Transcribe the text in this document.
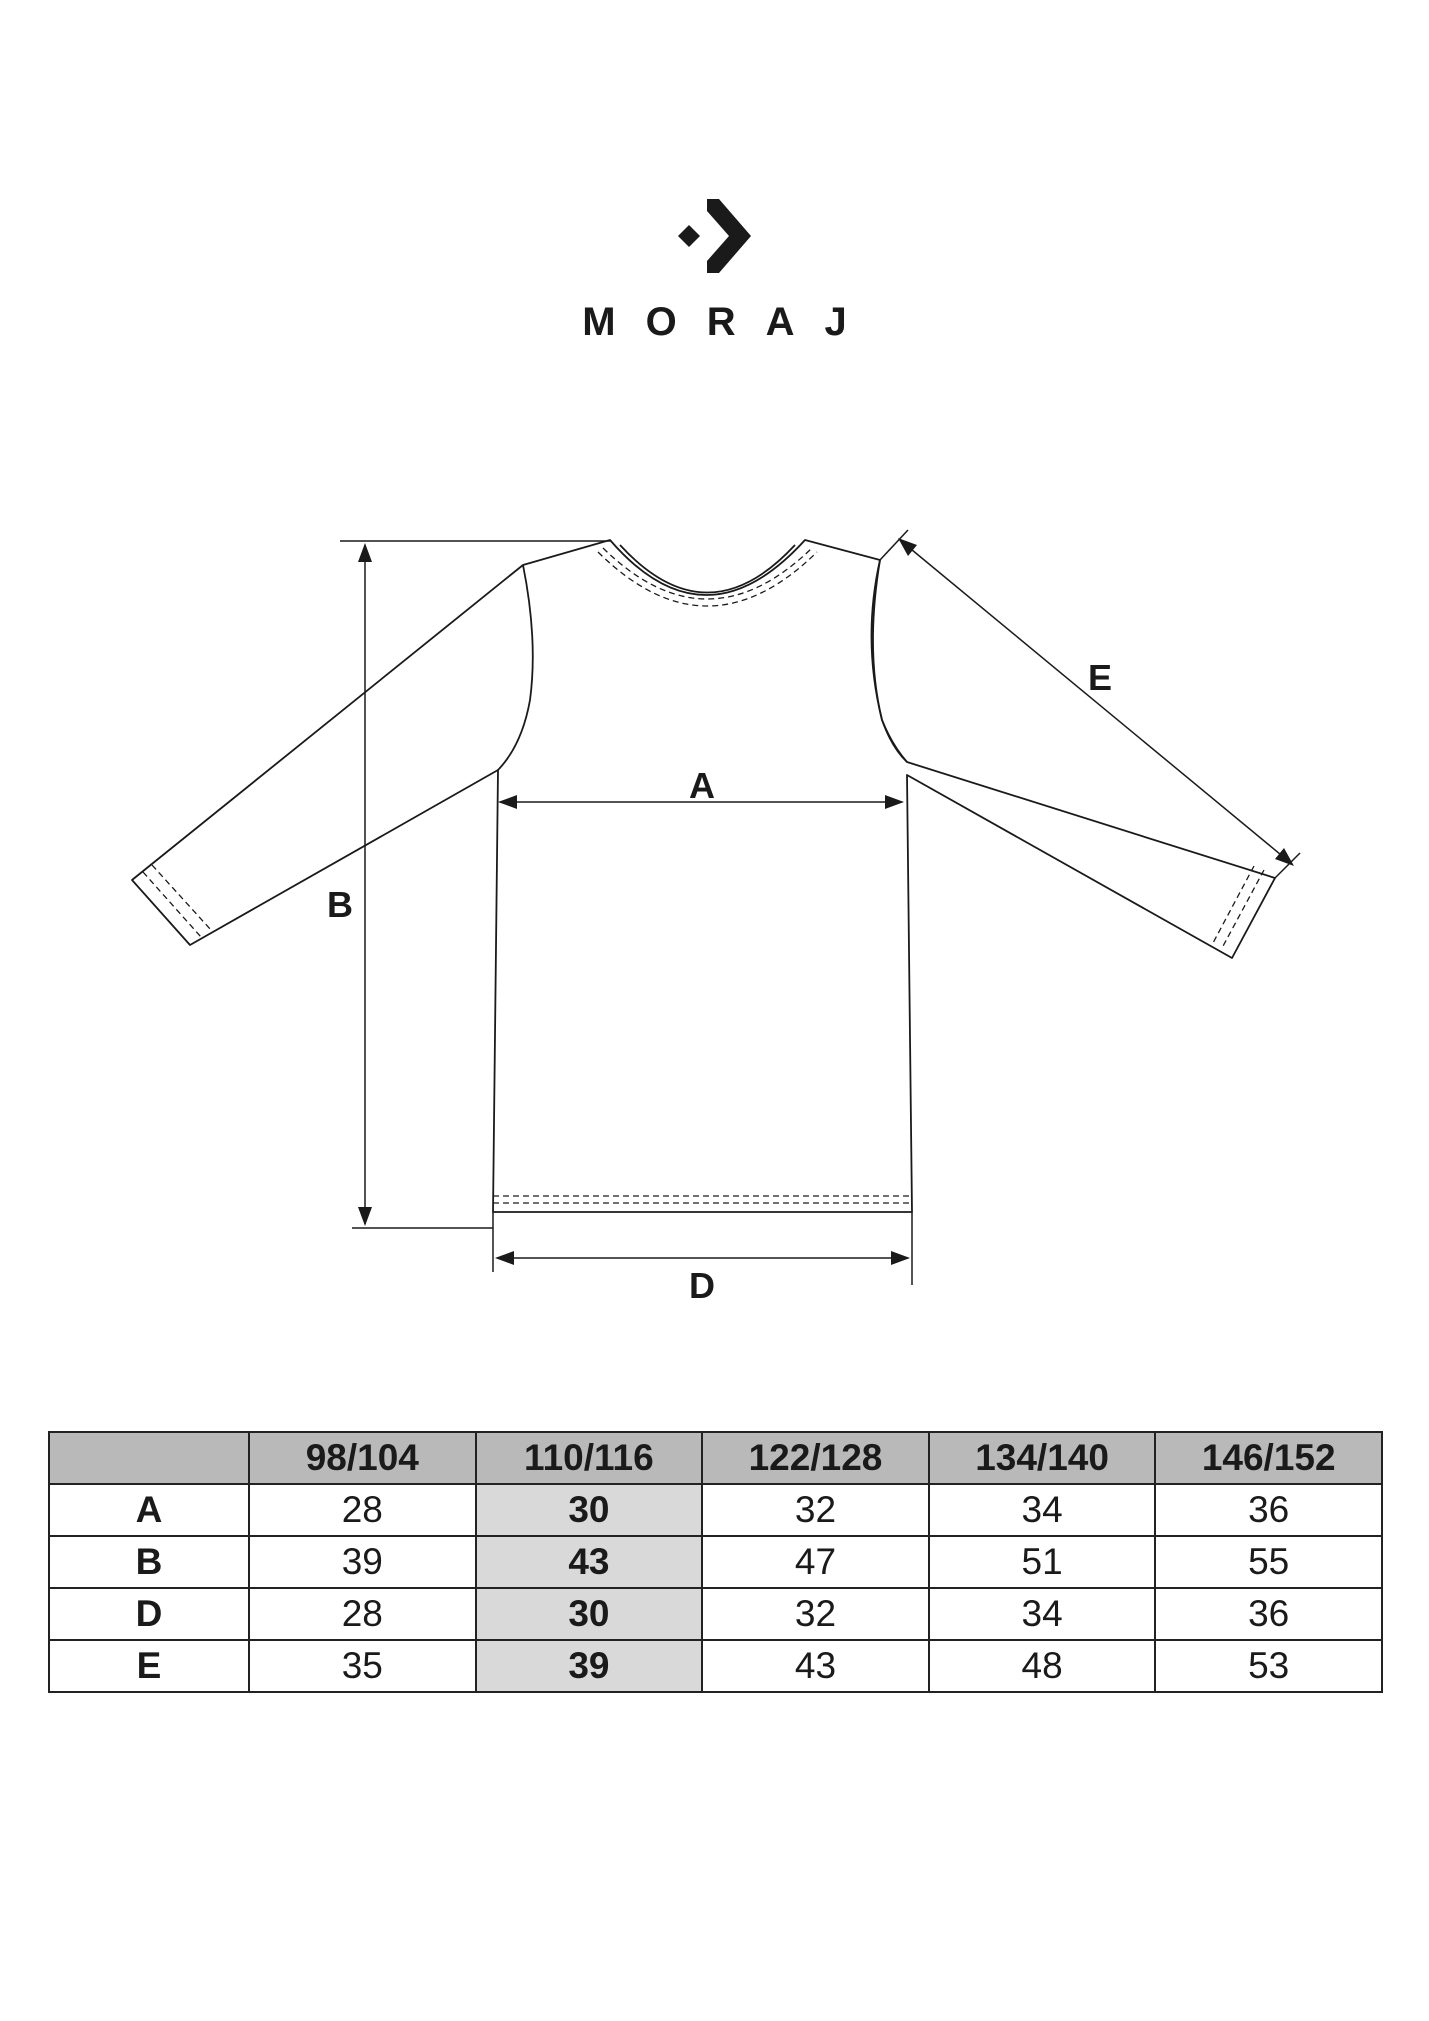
MORAJ
A
B
D
E
	98/104	110/116	122/128	134/140	146/152
A	28	30	32	34	36
B	39	43	47	51	55
D	28	30	32	34	36
E	35	39	43	48	53
